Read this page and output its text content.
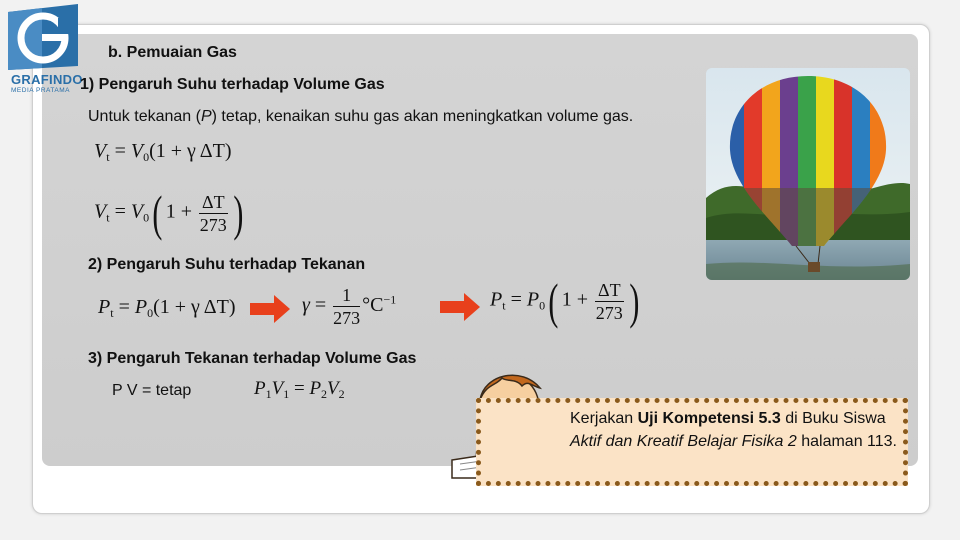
GRAFINDO
MEDIA PRATAMA
b. Pemuaian Gas
1) Pengaruh Suhu terhadap Volume Gas
Untuk tekanan (P) tetap, kenaikan suhu gas akan meningkatkan volume gas.
$V_t = V_0(1 + \gamma$ ΔT)
$V_t = V_0$( $1 + \frac{\Delta T}{273}$ )
2) Pengaruh Suhu terhadap Tekanan
$P_t = P_0(1 + \gamma$ ΔT)	$\gamma = \frac{1}{273} ^\circ C^{-1}$	$P_t = P_0$( $1 + \frac{\Delta T}{273}$ )
3) Pengaruh Tekanan terhadap Volume Gas
P V = tetap	$P_1V_1 = P_2V_2$
Kerjakan Uji Kompetensi 5.3 di Buku Siswa Aktif dan Kreatif Belajar Fisika 2 halaman 113.
